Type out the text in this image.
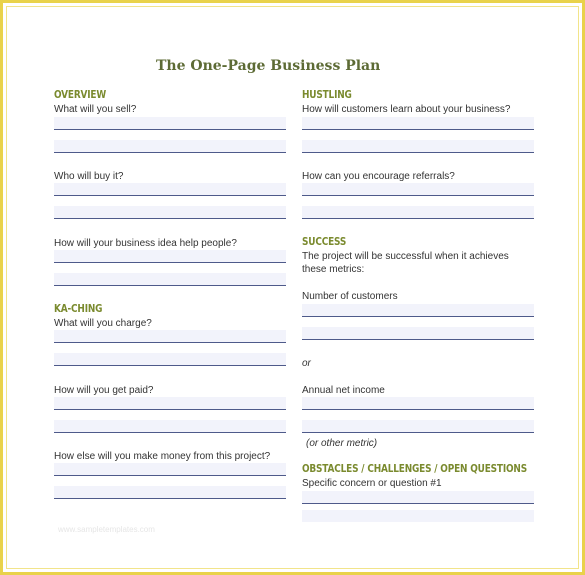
The One-Page Business Plan
OVERVIEW
What will you sell?
Who will buy it?
How will your business idea help people?
KA-CHING
What will you charge?
How will you get paid?
How else will you make money from this project?
HUSTLING
How will customers learn about your business?
How can you encourage referrals?
SUCCESS
The project will be successful when it achieves these metrics:
Number of customers
or
Annual net income
(or other metric)
OBSTACLES / CHALLENGES / OPEN QUESTIONS
Specific concern or question #1
www.sampletemplates.com
